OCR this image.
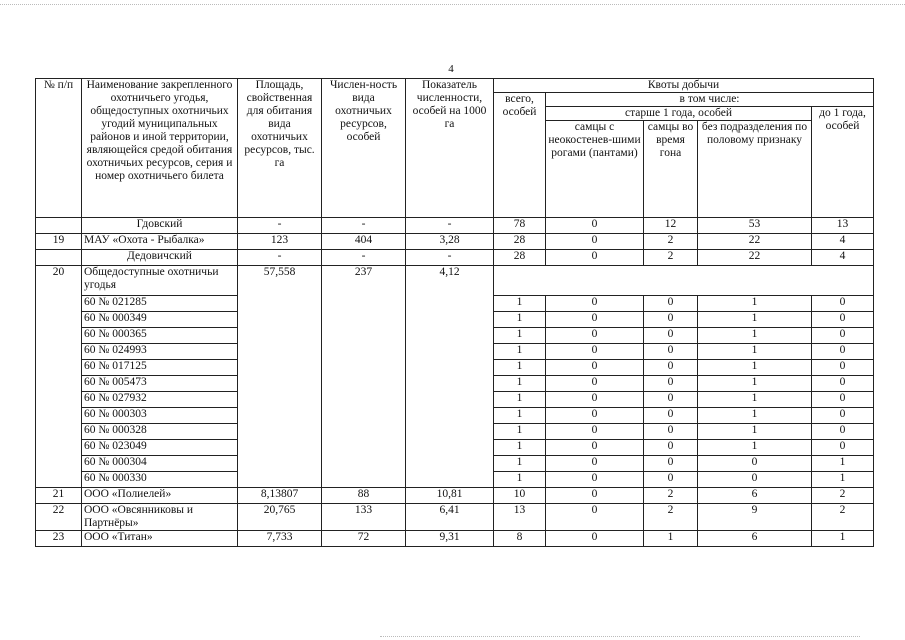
4
№ п/п	Наименование закрепленного охотничьего угодья, общедоступных охотничьих угодий муниципальных районов и иной территории, являющейся средой обитания охотничьих ресурсов, серия и номер охотничьего билета	Площадь, свойственная для обитания вида охотничьих ресурсов, тыс. га	Числен-ность вида охотничьих ресурсов, особей	Показатель численности, особей на 1000 га	Квоты добычи				
					всего, особей	в том числе:			
						старше 1 года, особей			до 1 года, особей
						самцы с неокостенев-шими рогами (пантами)	самцы во время гона	без подразделения по половому признаку	
	Гдовский	-	-	-	78	0	12	53	13
19	МАУ «Охота - Рыбалка»	123	404	3,28	28	0	2	22	4
	Дедовичский	-	-	-	28	0	2	22	4
20	Общедоступные охотничьи угодья	57,558	237	4,12					
	60 № 021285				1	0	0	1	0
	60 № 000349				1	0	0	1	0
	60 № 000365				1	0	0	1	0
	60 № 024993				1	0	0	1	0
	60 № 017125				1	0	0	1	0
	60 № 005473				1	0	0	1	0
	60 № 027932				1	0	0	1	0
	60 № 000303				1	0	0	1	0
	60 № 000328				1	0	0	1	0
	60 № 023049				1	0	0	1	0
	60 № 000304				1	0	0	0	1
	60 № 000330				1	0	0	0	1
21	ООО «Полиелей»	8,13807	88	10,81	10	0	2	6	2
22	ООО «Овсянниковы и Партнёры»	20,765	133	6,41	13	0	2	9	2
23	ООО «Титан»	7,733	72	9,31	8	0	1	6	1
